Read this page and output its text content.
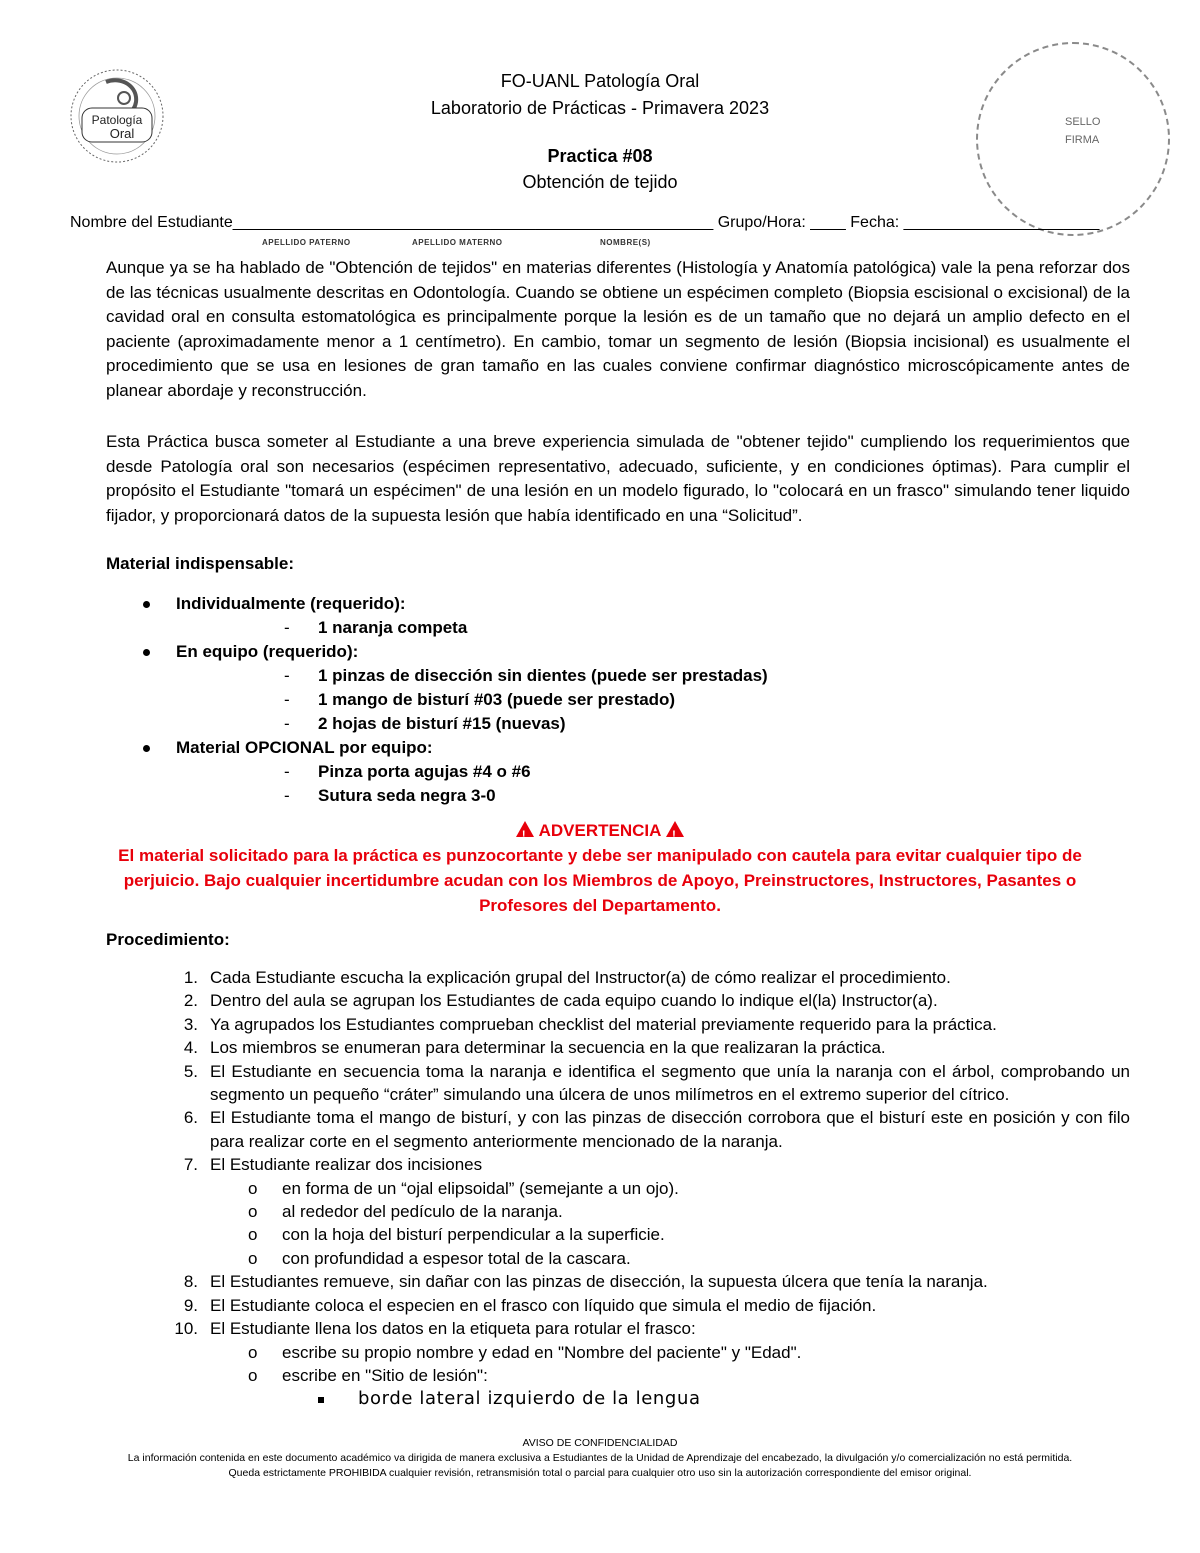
Patología
Oral
FO-UANL Patología Oral
Laboratorio de Prácticas - Primavera 2023
Practica #08
Obtención de tejido
SELLO
FIRMA
Nombre del Estudiante______________________________________________________ Grupo/Hora: ____ Fecha: ______________________
APELLIDO PATERNO	APELLIDO MATERNO	NOMBRE(S)
Aunque ya se ha hablado de "Obtención de tejidos" en materias diferentes (Histología y Anatomía patológica) vale la pena reforzar dos de las técnicas usualmente descritas en Odontología. Cuando se obtiene un espécimen completo (Biopsia escisional o excisional) de la cavidad oral en consulta estomatológica es principalmente porque la lesión es de un tamaño que no dejará un amplio defecto en el paciente (aproximadamente menor a 1 centímetro). En cambio, tomar un segmento de lesión (Biopsia incisional) es usualmente el procedimiento que se usa en lesiones de gran tamaño en las cuales conviene confirmar diagnóstico microscópicamente antes de planear abordaje y reconstrucción.
Esta Práctica busca someter al Estudiante a una breve experiencia simulada de "obtener tejido" cumpliendo los requerimientos que desde Patología oral son necesarios (espécimen representativo, adecuado, suficiente, y en condiciones óptimas). Para cumplir el propósito el Estudiante "tomará un espécimen" de una lesión en un modelo figurado, lo "colocará en un frasco" simulando tener liquido fijador, y proporcionará datos de la supuesta lesión que había identificado en una “Solicitud”.
Material indispensable:
Individualmente (requerido):
- 1 naranja competa
En equipo (requerido):
- 1 pinzas de disección sin dientes (puede ser prestadas)
- 1 mango de bisturí #03 (puede ser prestado)
- 2 hojas de bisturí #15 (nuevas)
Material OPCIONAL por equipo:
- Pinza porta agujas #4 o #6
- Sutura seda negra 3-0
! ADVERTENCIA !
El material solicitado para la práctica es punzocortante y debe ser manipulado con cautela para evitar cualquier tipo de perjuicio. Bajo cualquier incertidumbre acudan con los Miembros de Apoyo, Preinstructores, Instructores, Pasantes o Profesores del Departamento.
Procedimiento:
1. Cada Estudiante escucha la explicación grupal del Instructor(a) de cómo realizar el procedimiento.
2. Dentro del aula se agrupan los Estudiantes de cada equipo cuando lo indique el(la) Instructor(a).
3. Ya agrupados los Estudiantes comprueban checklist del material previamente requerido para la práctica.
4. Los miembros se enumeran para determinar la secuencia en la que realizaran la práctica.
5. El Estudiante en secuencia toma la naranja e identifica el segmento que unía la naranja con el árbol, comprobando un segmento un pequeño “cráter” simulando una úlcera de unos milímetros en el extremo superior del cítrico.
6. El Estudiante toma el mango de bisturí, y con las pinzas de disección corrobora que el bisturí este en posición y con filo para realizar corte en el segmento anteriormente mencionado de la naranja.
7. El Estudiante realizar dos incisiones
o en forma de un “ojal elipsoidal” (semejante a un ojo).
o al rededor del pedículo de la naranja.
o con la hoja del bisturí perpendicular a la superficie.
o con profundidad a espesor total de la cascara.
8. El Estudiantes remueve, sin dañar con las pinzas de disección, la supuesta úlcera que tenía la naranja.
9. El Estudiante coloca el especien en el frasco con líquido que simula el medio de fijación.
10. El Estudiante llena los datos en la etiqueta para rotular el frasco:
o escribe su propio nombre y edad en "Nombre del paciente" y "Edad".
o escribe en "Sitio de lesión":
borde lateral izquierdo de la lengua
AVISO DE CONFIDENCIALIDAD
La información contenida en este documento académico va dirigida de manera exclusiva a Estudiantes de la Unidad de Aprendizaje del encabezado, la divulgación y/o comercialización no está permitida.
Queda estrictamente PROHIBIDA cualquier revisión, retransmisión total o parcial para cualquier otro uso sin la autorización correspondiente del emisor original.
